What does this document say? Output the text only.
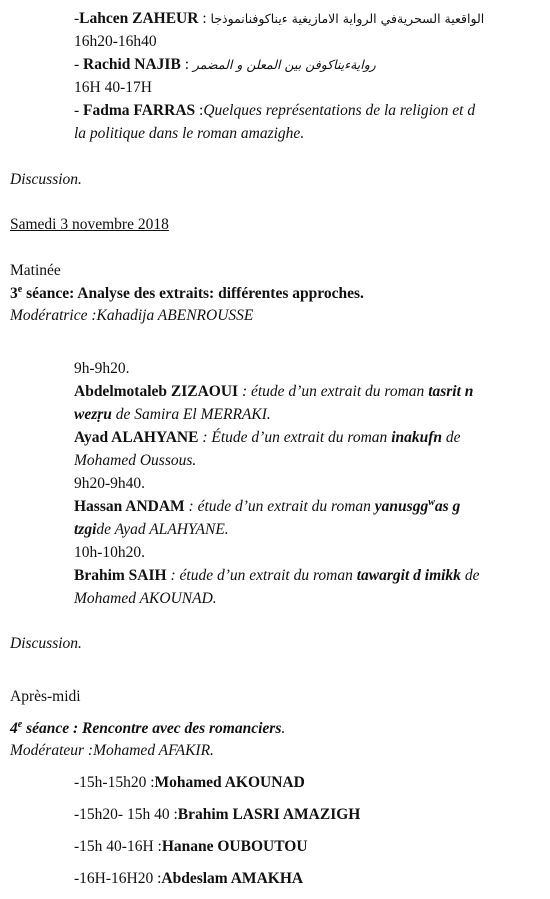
-Lahcen ZAHEUR : الواقعية السحريةفي الرواية الامازيغية ءيناكوفنانموذجا
16h20-16h40
- Rachid NAJIB : روايةءيناكوفن بين المعلن و المضمر
16H 40-17H
- Fadma FARRAS :Quelques représentations de la religion et d
la politique dans le roman amazighe.
Discussion.
Samedi 3 novembre 2018
Matinée
3e séance: Analyse des extraits: différentes approches.
Modératrice :Kahadija ABENROUSSE
9h-9h20.
Abdelmotaleb ZIZAOUI : étude d’un extrait du roman tasrit n
wezṛu de Samira El MERRAKI.
Ayad ALAHYANE : Étude d’un extrait du roman inakufn de
Mohamed Oussous.
9h20-9h40.
Hassan ANDAM : étude d’un extrait du roman yanusgg$^w$as g
tzgide Ayad ALAHYANE.
10h-10h20.
Brahim SAIH : étude d’un extrait du roman tawargit d imikk de
Mohamed AKOUNAD.
Discussion.
Après-midi
4e séance : Rencontre avec des romanciers.
Modérateur :Mohamed AFAKIR.
-15h-15h20 :Mohamed AKOUNAD
-15h20- 15h 40 :Brahim LASRI AMAZIGH
-15h 40-16H :Hanane OUBOUTOU
-16H-16H20 :Abdeslam AMAKHA
